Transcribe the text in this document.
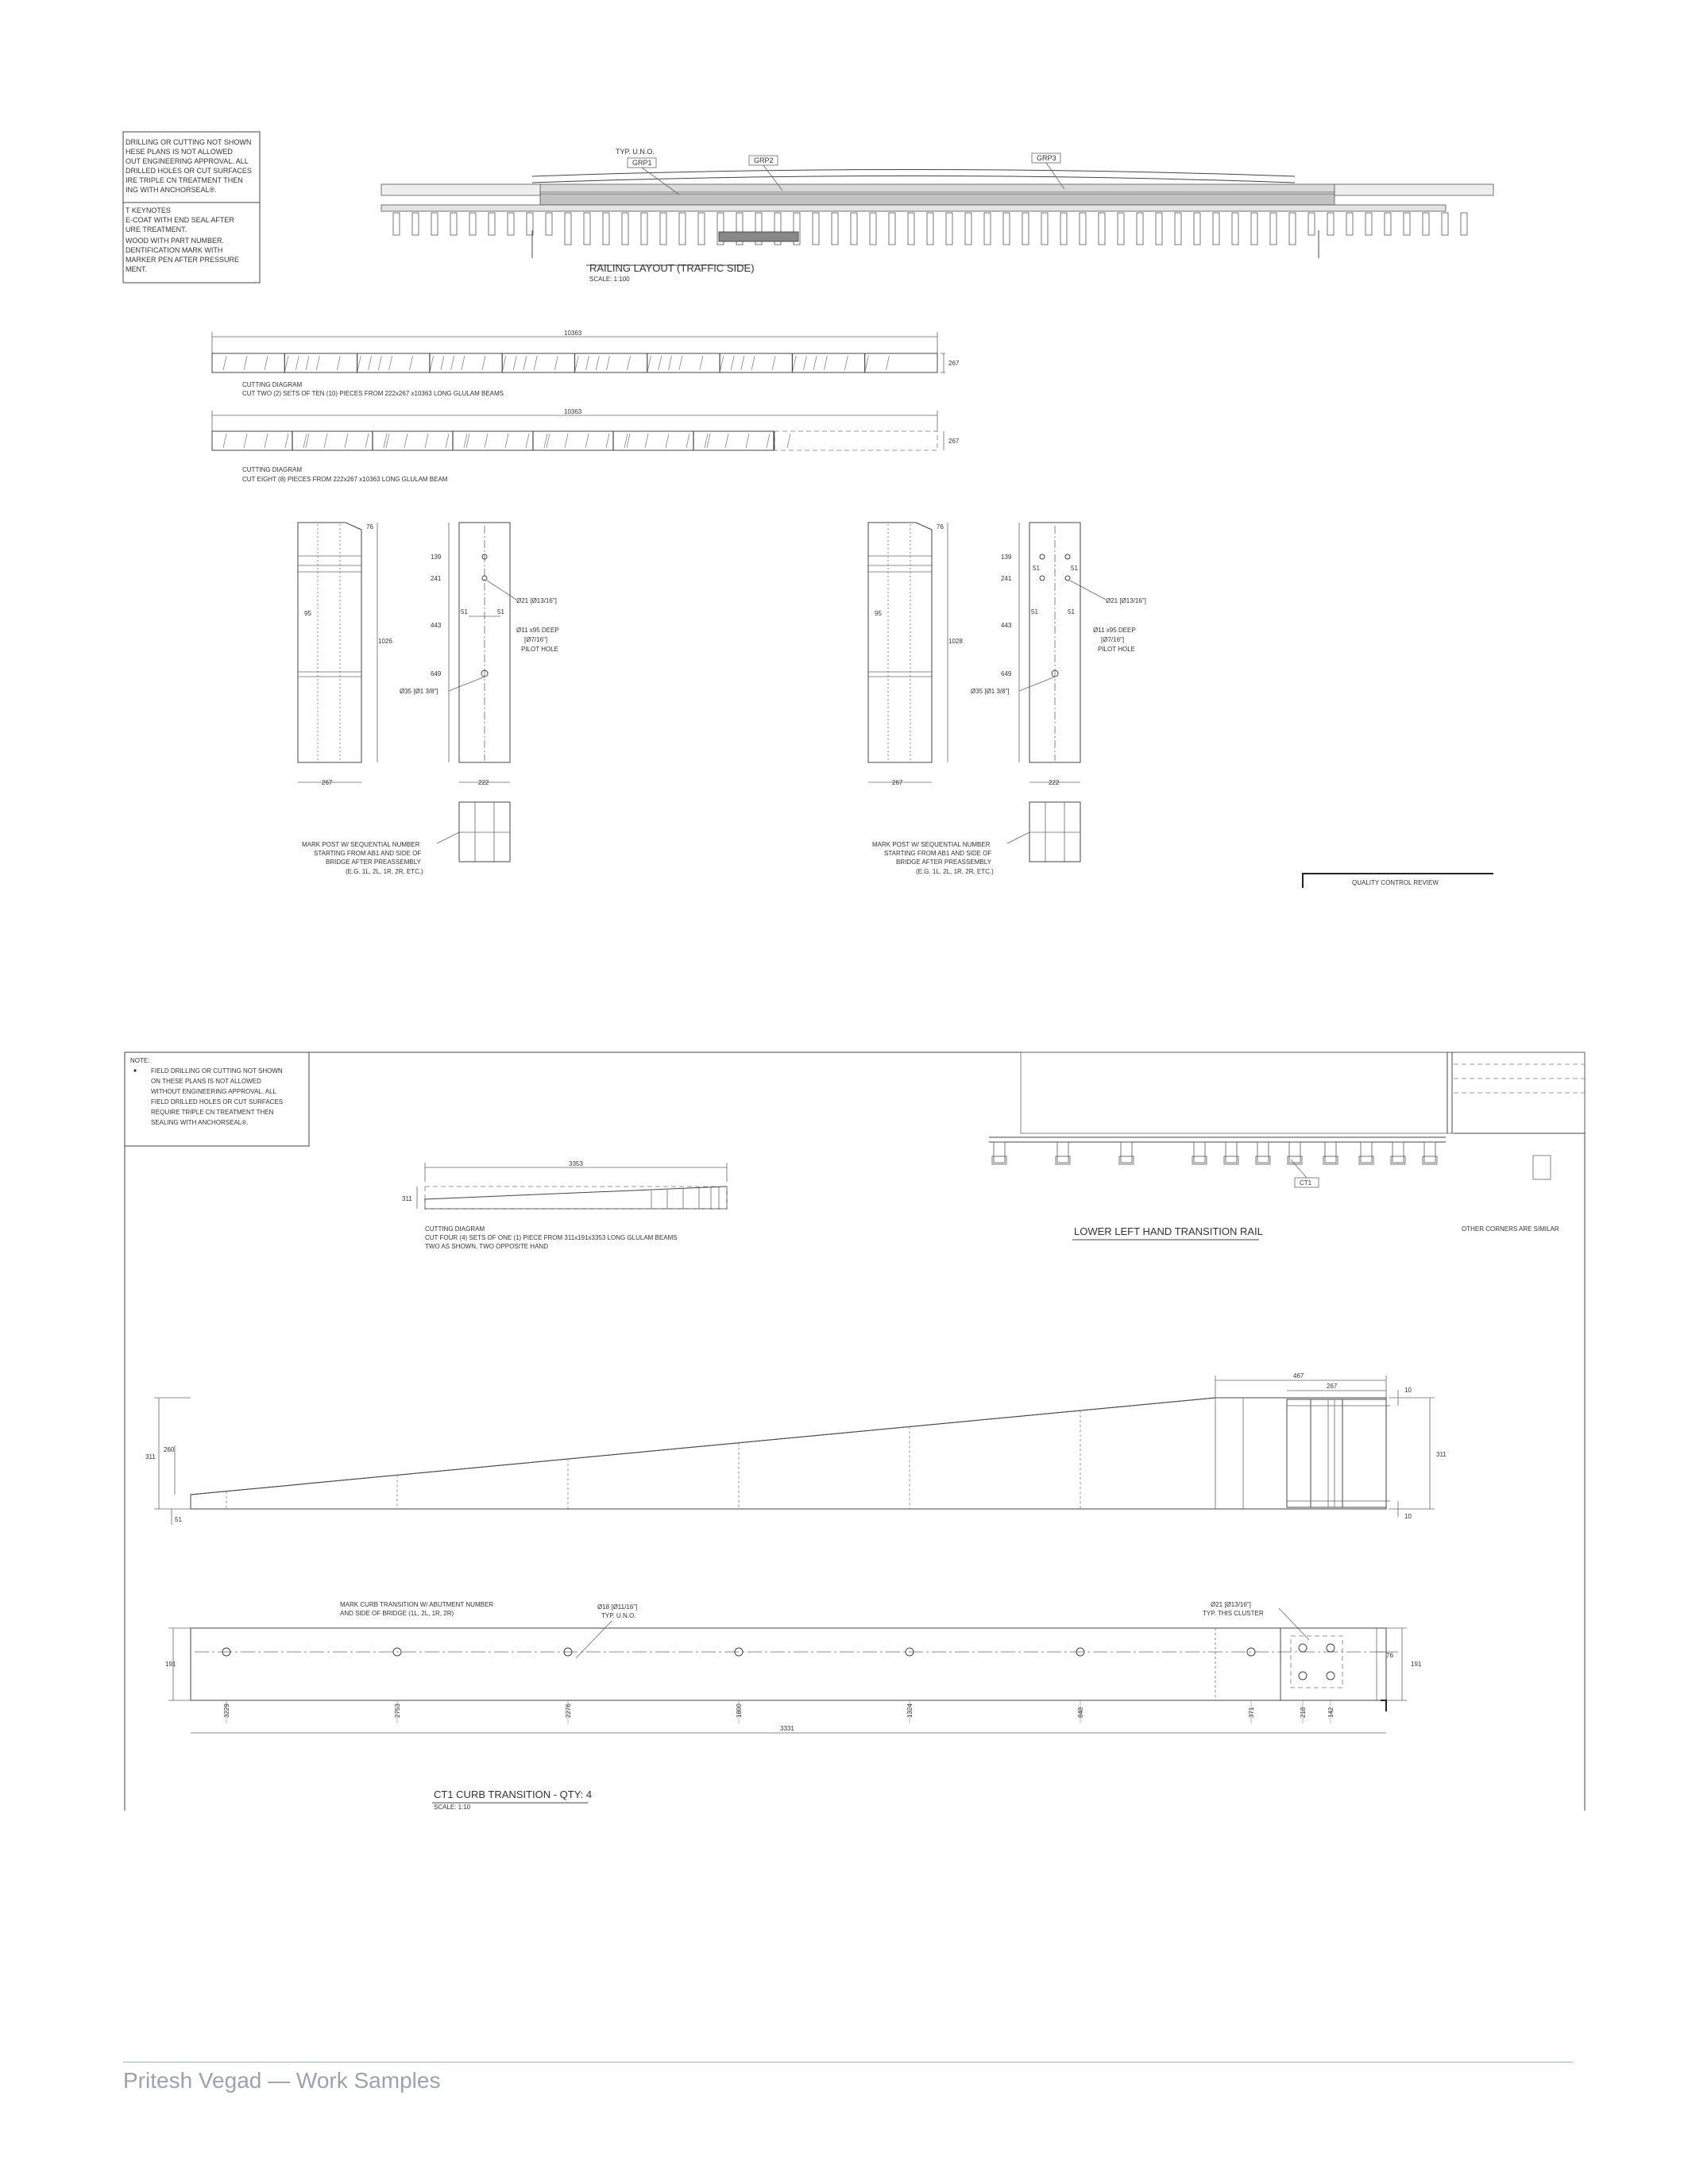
DRILLING OR CUTTING NOT SHOWN
HESE PLANS IS NOT ALLOWED
OUT ENGINEERING APPROVAL. ALL
DRILLED HOLES OR CUT SURFACES
IRE TRIPLE CN TREATMENT THEN
ING WITH ANCHORSEAL®.
T KEYNOTES
E-COAT WITH END SEAL AFTER
URE TREATMENT.
WOOD WITH PART NUMBER.
DENTIFICATION MARK WITH
MARKER PEN AFTER PRESSURE
MENT.	RAILING LAYOUT (TRAFFIC SIDE)
SCALE: 1:100
TYP. U.N.O.
GRP1	GRP2	GRP3
10363
267
CUTTING DIAGRAM
CUT TWO (2) SETS OF TEN (10) PIECES FROM 222x267 x10363 LONG GLULAM BEAMS
10363
267
CUTTING DIAGRAM
CUT EIGHT (8) PIECES FROM 222x267 x10363 LONG GLULAM BEAM
76
95
1026
267
139
241
443
649
51	51
Ø21 [Ø13/16"]
Ø11 x95 DEEP
[Ø7/16"]
PILOT HOLE
Ø35 [Ø1 3/8"]
222
MARK POST W/ SEQUENTIAL NUMBER
STARTING FROM AB1 AND SIDE OF
BRIDGE AFTER PREASSEMBLY
(E.G. 1L, 2L, 1R, 2R, ETC.)
76
95
1028
267
139
241
51	51
443
649
51	51
Ø21 [Ø13/16"]
Ø11 x95 DEEP
[Ø7/16"]
PILOT HOLE
Ø35 [Ø1 3/8"]
222
MARK POST W/ SEQUENTIAL NUMBER
STARTING FROM AB1 AND SIDE OF
BRIDGE AFTER PREASSEMBLY
(E.G. 1L, 2L, 1R, 2R, ETC.)
QUALITY CONTROL REVIEW
NOTE:
FIELD DRILLING OR CUTTING NOT SHOWN
ON THESE PLANS IS NOT ALLOWED
WITHOUT ENGINEERING APPROVAL. ALL
FIELD DRILLED HOLES OR CUT SURFACES
REQUIRE TRIPLE CN TREATMENT THEN
SEALING WITH ANCHORSEAL®.
CT1
LOWER LEFT HAND TRANSITION RAIL	OTHER CORNERS ARE SIMILAR
3353
311
CUTTING DIAGRAM
CUT FOUR (4) SETS OF ONE (1) PIECE FROM 311x191x3353 LONG GLULAM BEAMS
TWO AS SHOWN, TWO OPPOSITE HAND
467
267
10
10
311
311
260
51
MARK CURB TRANSITION W/ ABUTMENT NUMBER
AND SIDE OF BRIDGE (1L, 2L, 1R, 2R)
Ø18 [Ø11/16"]
TYP. U.N.O.
Ø21 [Ø13/16"]
TYP. THIS CLUSTER
191	191
76
3229	2753	2276	1800	1324	848	371	218	142
3331
CT1 CURB TRANSITION - QTY: 4
SCALE: 1:10
Pritesh Vegad — Work Samples
